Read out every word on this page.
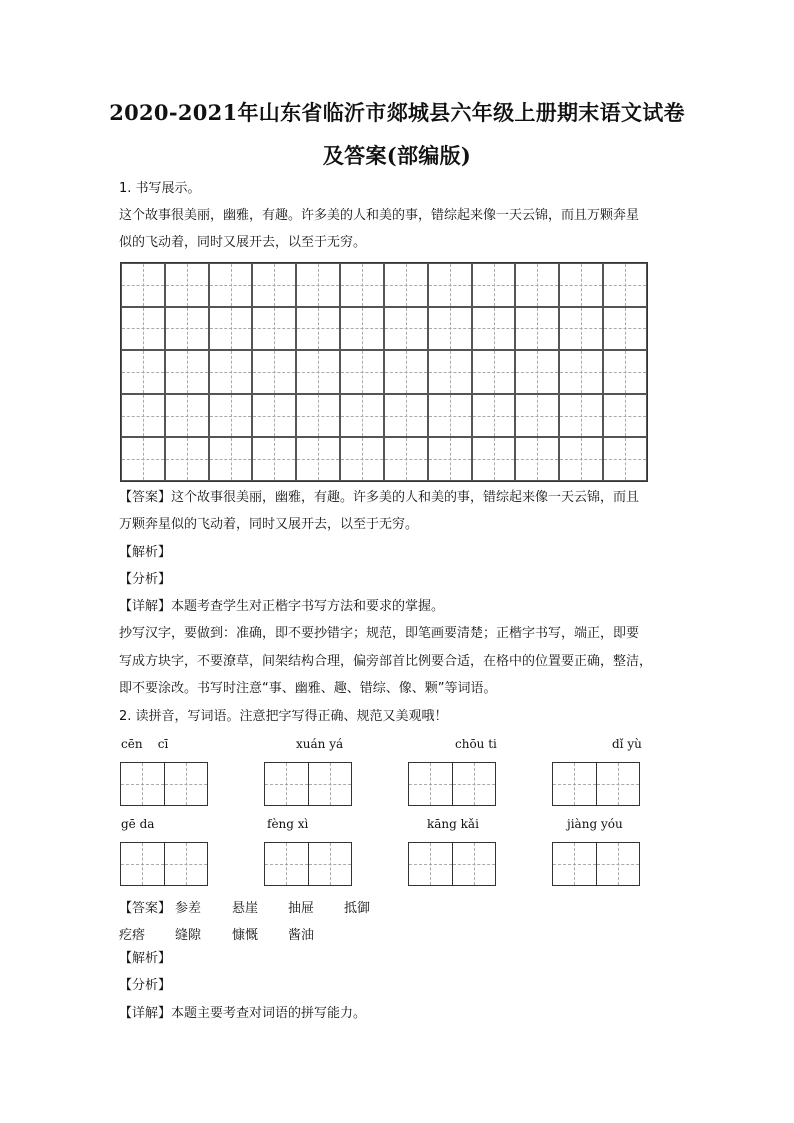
2020-2021年山东省临沂市郯城县六年级上册期末语文试卷
及答案(部编版)
1. 书写展示。
这个故事很美丽，幽雅，有趣。许多美的人和美的事，错综起来像一天云锦，而且万颗奔星
似的飞动着，同时又展开去，以至于无穷。
【答案】这个故事很美丽，幽雅，有趣。许多美的人和美的事，错综起来像一天云锦，而且
万颗奔星似的飞动着，同时又展开去，以至于无穷。
【解析】
【分析】
【详解】本题考查学生对正楷字书写方法和要求的掌握。
抄写汉字，要做到：准确，即不要抄错字；规范，即笔画要清楚；正楷字书写，端正，即要
写成方块字，不要潦草，间架结构合理，偏旁部首比例要合适，在格中的位置要正确，整洁，
即不要涂改。书写时注意“事、幽雅、趣、错综、像、颗”等词语。
2. 读拼音，写词语。注意把字写得正确、规范又美观哦！
cēn    cī	xuán yá	chōu ti	dǐ yù
gē da	fèng xì	kāng kǎi	jiàng yóu
【答案】 参差 悬崖 抽屉 抵御
疙瘩 缝隙 慷慨 酱油
【解析】
【分析】
【详解】本题主要考查对词语的拼写能力。
